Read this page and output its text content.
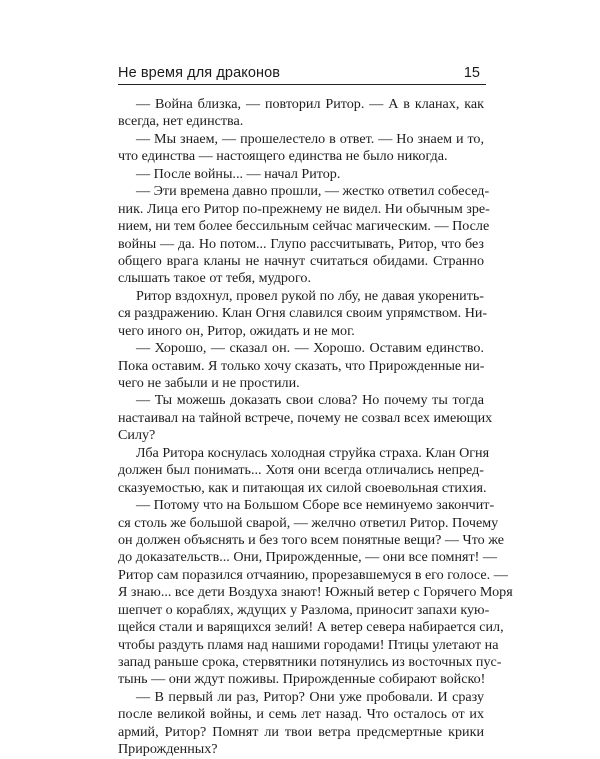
Не время для драконов	15
— Война близка, — повторил Ритор. — А в кланах, как
всегда, нет единства.
— Мы знаем, — прошелестело в ответ. — Но знаем и то,
что единства — настоящего единства не было никогда.
— После войны... — начал Ритор.
— Эти времена давно прошли, — жестко ответил собесед-
ник. Лица его Ритор по-прежнему не видел. Ни обычным зре-
нием, ни тем более бессильным сейчас магическим. — После
войны — да. Но потом... Глупо рассчитывать, Ритор, что без
общего врага кланы не начнут считаться обидами. Странно
слышать такое от тебя, мудрого.
Ритор вздохнул, провел рукой по лбу, не давая укоренить-
ся раздражению. Клан Огня славился своим упрямством. Ни-
чего иного он, Ритор, ожидать и не мог.
— Хорошо, — сказал он. — Хорошо. Оставим единство.
Пока оставим. Я только хочу сказать, что Прирожденные ни-
чего не забыли и не простили.
— Ты можешь доказать свои слова? Но почему ты тогда
настаивал на тайной встрече, почему не созвал всех имеющих
Силу?
Лба Ритора коснулась холодная струйка страха. Клан Огня
должен был понимать... Хотя они всегда отличались непред-
сказуемостью, как и питающая их силой своевольная стихия.
— Потому что на Большом Сборе все неминуемо закончит-
ся столь же большой сварой, — желчно ответил Ритор. Почему
он должен объяснять и без того всем понятные вещи? — Что же
до доказательств... Они, Прирожденные, — они все помнят! —
Ритор сам поразился отчаянию, прорезавшемуся в его голосе. —
Я знаю... все дети Воздуха знают! Южный ветер с Горячего Моря
шепчет о кораблях, ждущих у Разлома, приносит запахи кую-
щейся стали и варящихся зелий! А ветер севера набирается сил,
чтобы раздуть пламя над нашими городами! Птицы улетают на
запад раньше срока, стервятники потянулись из восточных пус-
тынь — они ждут поживы. Прирожденные собирают войско!
— В первый ли раз, Ритор? Они уже пробовали. И сразу
после великой войны, и семь лет назад. Что осталось от их
армий, Ритор? Помнят ли твои ветра предсмертные крики
Прирожденных?
